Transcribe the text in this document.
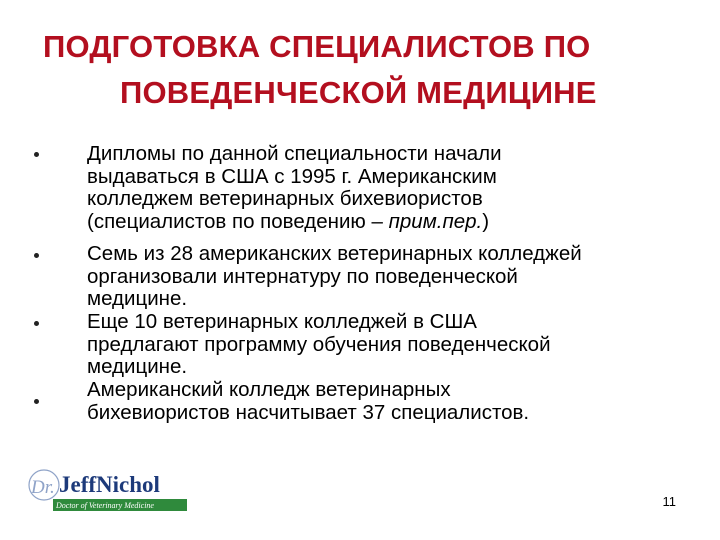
ПОДГОТОВКА СПЕЦИАЛИСТОВ ПО
ПОВЕДЕНЧЕСКОЙ МЕДИЦИНЕ
Дипломы по данной специальности начали
выдаваться в США с 1995 г. Американским
колледжем ветеринарных бихевиористов
(специалистов по поведению – прим.пер.)
Семь из 28 американских ветеринарных колледжей
организовали интернатуру по поведенческой
медицине.
Еще 10 ветеринарных колледжей в США
предлагают программу обучения поведенческой
медицине.
Американский колледж ветеринарных
бихевиористов насчитывает 37 специалистов.
Dr. JeffNichol
Doctor of Veterinary Medicine	11
